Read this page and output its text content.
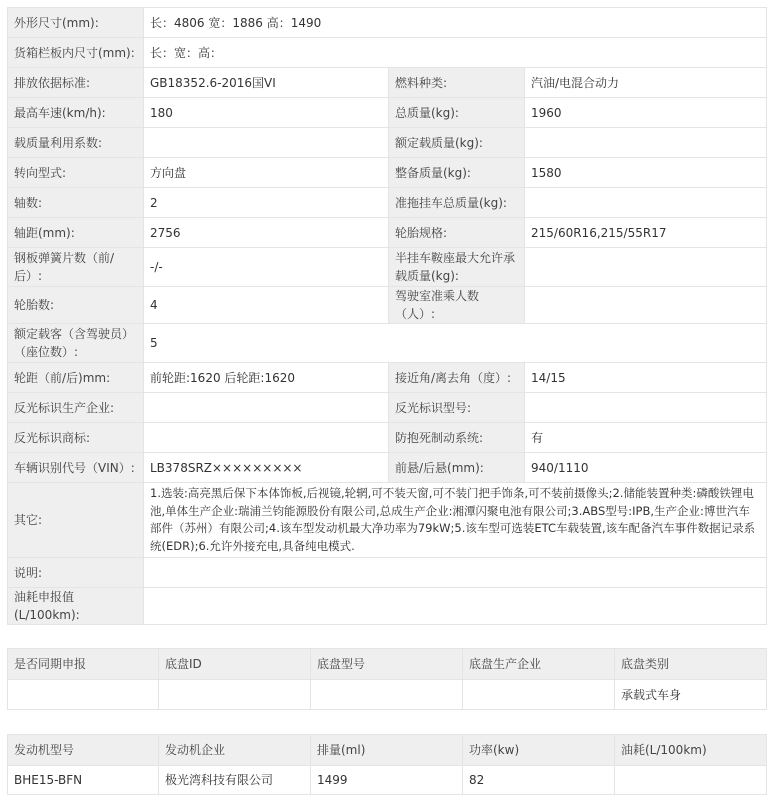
外形尺寸(mm):	长：4806 宽：1886 高：1490		
货箱栏板内尺寸(mm):	长：宽：高：		
排放依据标准:	GB18352.6-2016国VI	燃料种类:	汽油/电混合动力
最高车速(km/h):	180	总质量(kg):	1960
载质量利用系数:		额定载质量(kg):	
转向型式:	方向盘	整备质量(kg):	1580
轴数:	2	准拖挂车总质量(kg):	
轴距(mm):	2756	轮胎规格:	215/60R16,215/55R17
钢板弹簧片数（前/后）:	-/-	半挂车鞍座最大允许承载质量(kg):	
轮胎数:	4	驾驶室准乘人数（人）:	
额定载客（含驾驶员）（座位数）:	5		
轮距（前/后)mm:	前轮距:1620 后轮距:1620	接近角/离去角（度）:	14/15
反光标识生产企业:		反光标识型号:	
反光标识商标:		防抱死制动系统:	有
车辆识别代号（VIN）:	LB378SRZ×××××××××	前悬/后悬(mm):	940/1110
其它:	1.选装:高亮黑后保下本体饰板,后视镜,轮辋,可不装天窗,可不装门把手饰条,可不装前摄像头;2.储能装置种类:磷酸铁锂电池,单体生产企业:瑞浦兰钧能源股份有限公司,总成生产企业:湘潭闪聚电池有限公司;3.ABS型号:IPB,生产企业:博世汽车部件（苏州）有限公司;4.该车型发动机最大净功率为79kW;5.该车型可选装ETC车载装置,该车配备汽车事件数据记录系统(EDR);6.允许外接充电,具备纯电模式.		
说明:			
油耗申报值(L/100km):			
是否同期申报	底盘ID	底盘型号	底盘生产企业	底盘类别
				承载式车身
发动机型号	发动机企业	排量(ml)	功率(kw)	油耗(L/100km)
BHE15-BFN	极光湾科技有限公司	1499	82	
